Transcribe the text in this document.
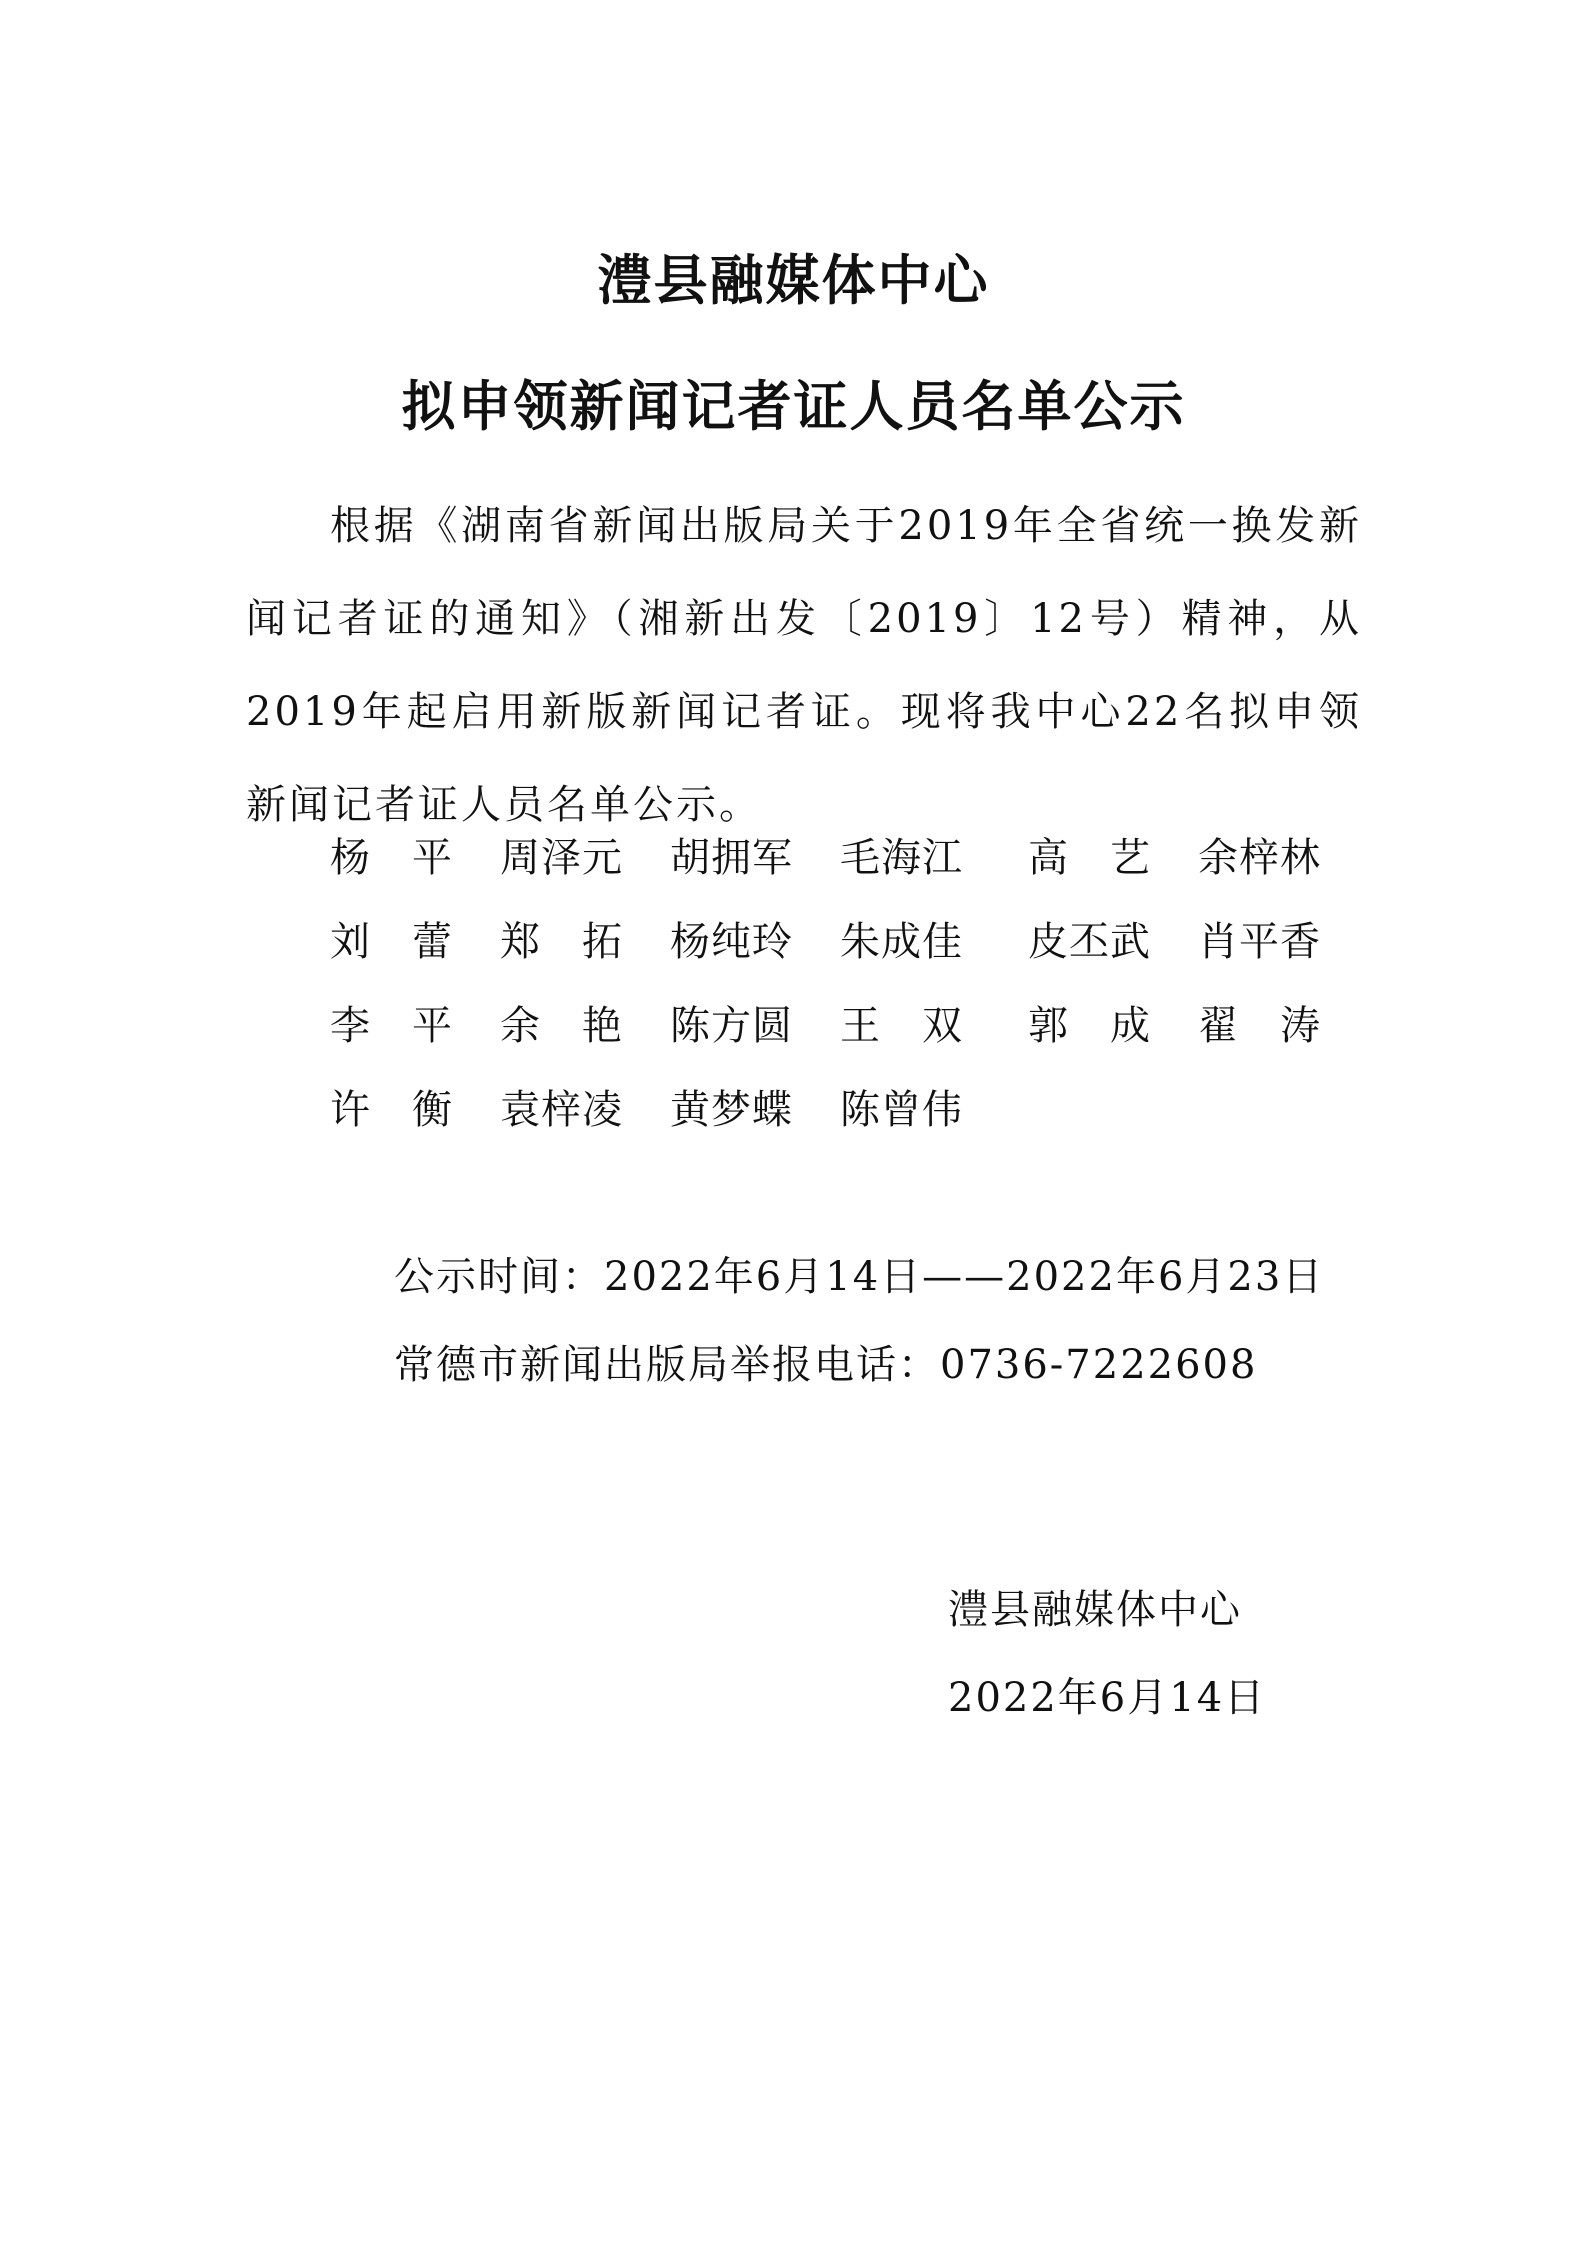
澧县融媒体中心
拟申领新闻记者证人员名单公示

根据《湖南省新闻出版局关于2019年全省统一换发新闻记者证的通知》（湘新出发〔2019〕12号）精神，从2019年起启用新版新闻记者证。现将我中心22名拟申领新闻记者证人员名单公示。

杨平 周泽元 胡拥军 毛海江 高艺 余梓林
刘蕾 郑拓 杨纯玲 朱成佳 皮丕武 肖平香
李平 余艳 陈方圆 王双 郭成 翟涛
许衡 袁梓凌 黄梦蝶 陈曾伟
公示时间：2022年6月14日——2022年6月23日
常德市新闻出版局举报电话：0736-7222608
澧县融媒体中心
2022年6月14日
